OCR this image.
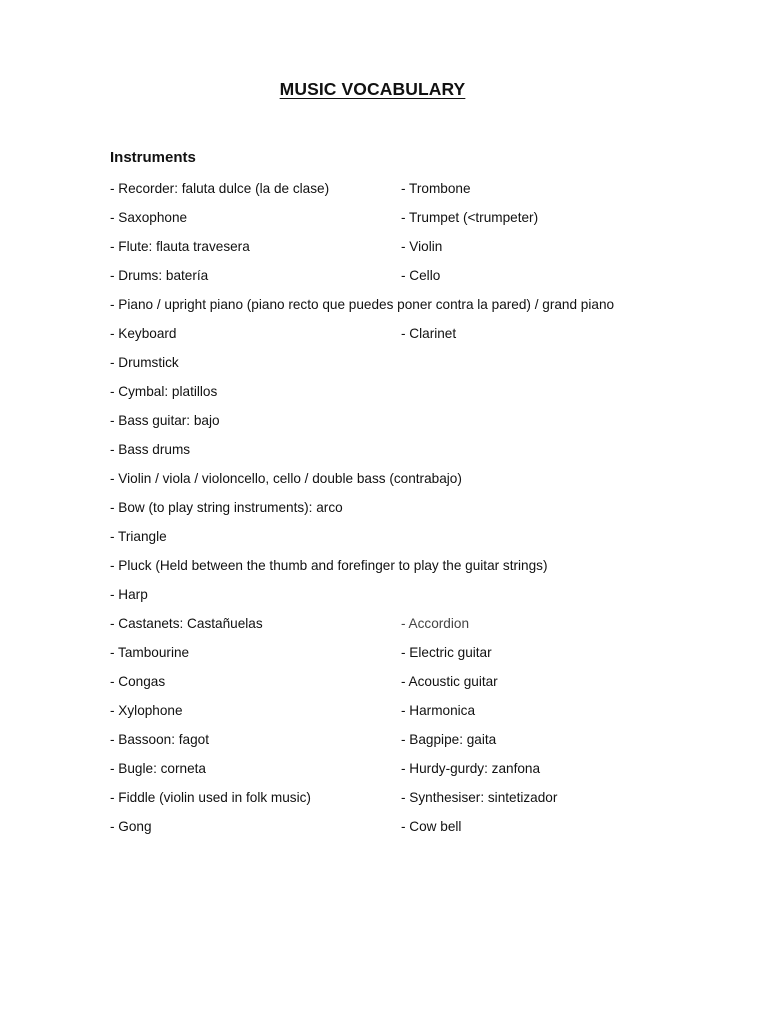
MUSIC VOCABULARY
Instruments
- Recorder: faluta dulce (la de clase)	- Trombone
- Saxophone	- Trumpet (<trumpeter)
- Flute: flauta travesera	- Violin
- Drums: batería	- Cello
- Piano / upright piano (piano recto que puedes poner contra la pared) / grand piano
- Keyboard	- Clarinet
- Drumstick
- Cymbal: platillos
- Bass guitar: bajo
- Bass drums
- Violin / viola / violoncello, cello / double bass (contrabajo)
- Bow (to play string instruments): arco
- Triangle
- Pluck (Held between the thumb and forefinger to play the guitar strings)
- Harp
- Castanets: Castañuelas	- Accordion
- Tambourine	- Electric guitar
- Congas	- Acoustic guitar
- Xylophone	- Harmonica
- Bassoon: fagot	- Bagpipe: gaita
- Bugle: corneta	- Hurdy-gurdy: zanfona
- Fiddle (violin used in folk music)	- Synthesiser: sintetizador
- Gong	- Cow bell
